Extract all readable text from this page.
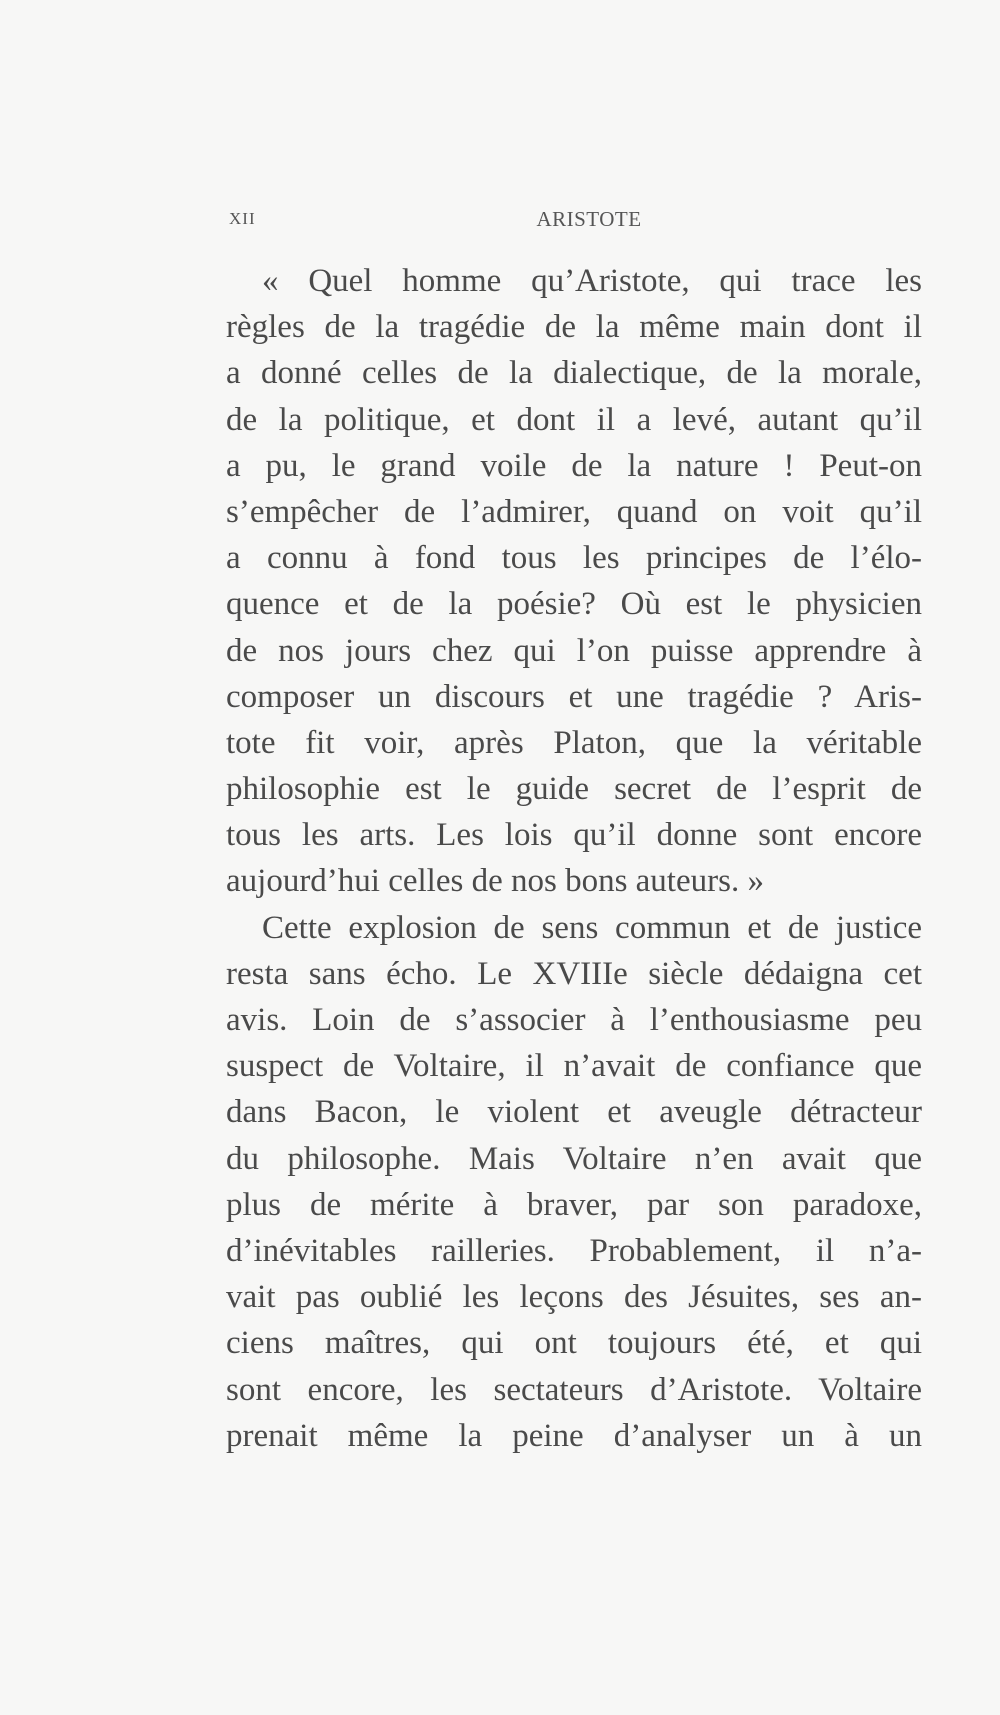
XII	ARISTOTE
« Quel homme qu’Aristote, qui trace les
règles de la tragédie de la même main dont il
a donné celles de la dialectique, de la morale,
de la politique, et dont il a levé, autant qu’il
a pu, le grand voile de la nature ! Peut-on
s’empêcher de l’admirer, quand on voit qu’il
a connu à fond tous les principes de l’élo-
quence et de la poésie? Où est le physicien
de nos jours chez qui l’on puisse apprendre à
composer un discours et une tragédie ? Aris-
tote fit voir, après Platon, que la véritable
philosophie est le guide secret de l’esprit de
tous les arts. Les lois qu’il donne sont encore
aujourd’hui celles de nos bons auteurs. »
Cette explosion de sens commun et de justice
resta sans écho. Le XVIIIe siècle dédaigna cet
avis. Loin de s’associer à l’enthousiasme peu
suspect de Voltaire, il n’avait de confiance que
dans Bacon, le violent et aveugle détracteur
du philosophe. Mais Voltaire n’en avait que
plus de mérite à braver, par son paradoxe,
d’inévitables railleries. Probablement, il n’a-
vait pas oublié les leçons des Jésuites, ses an-
ciens maîtres, qui ont toujours été, et qui
sont encore, les sectateurs d’Aristote. Voltaire
prenait même la peine d’analyser un à un
